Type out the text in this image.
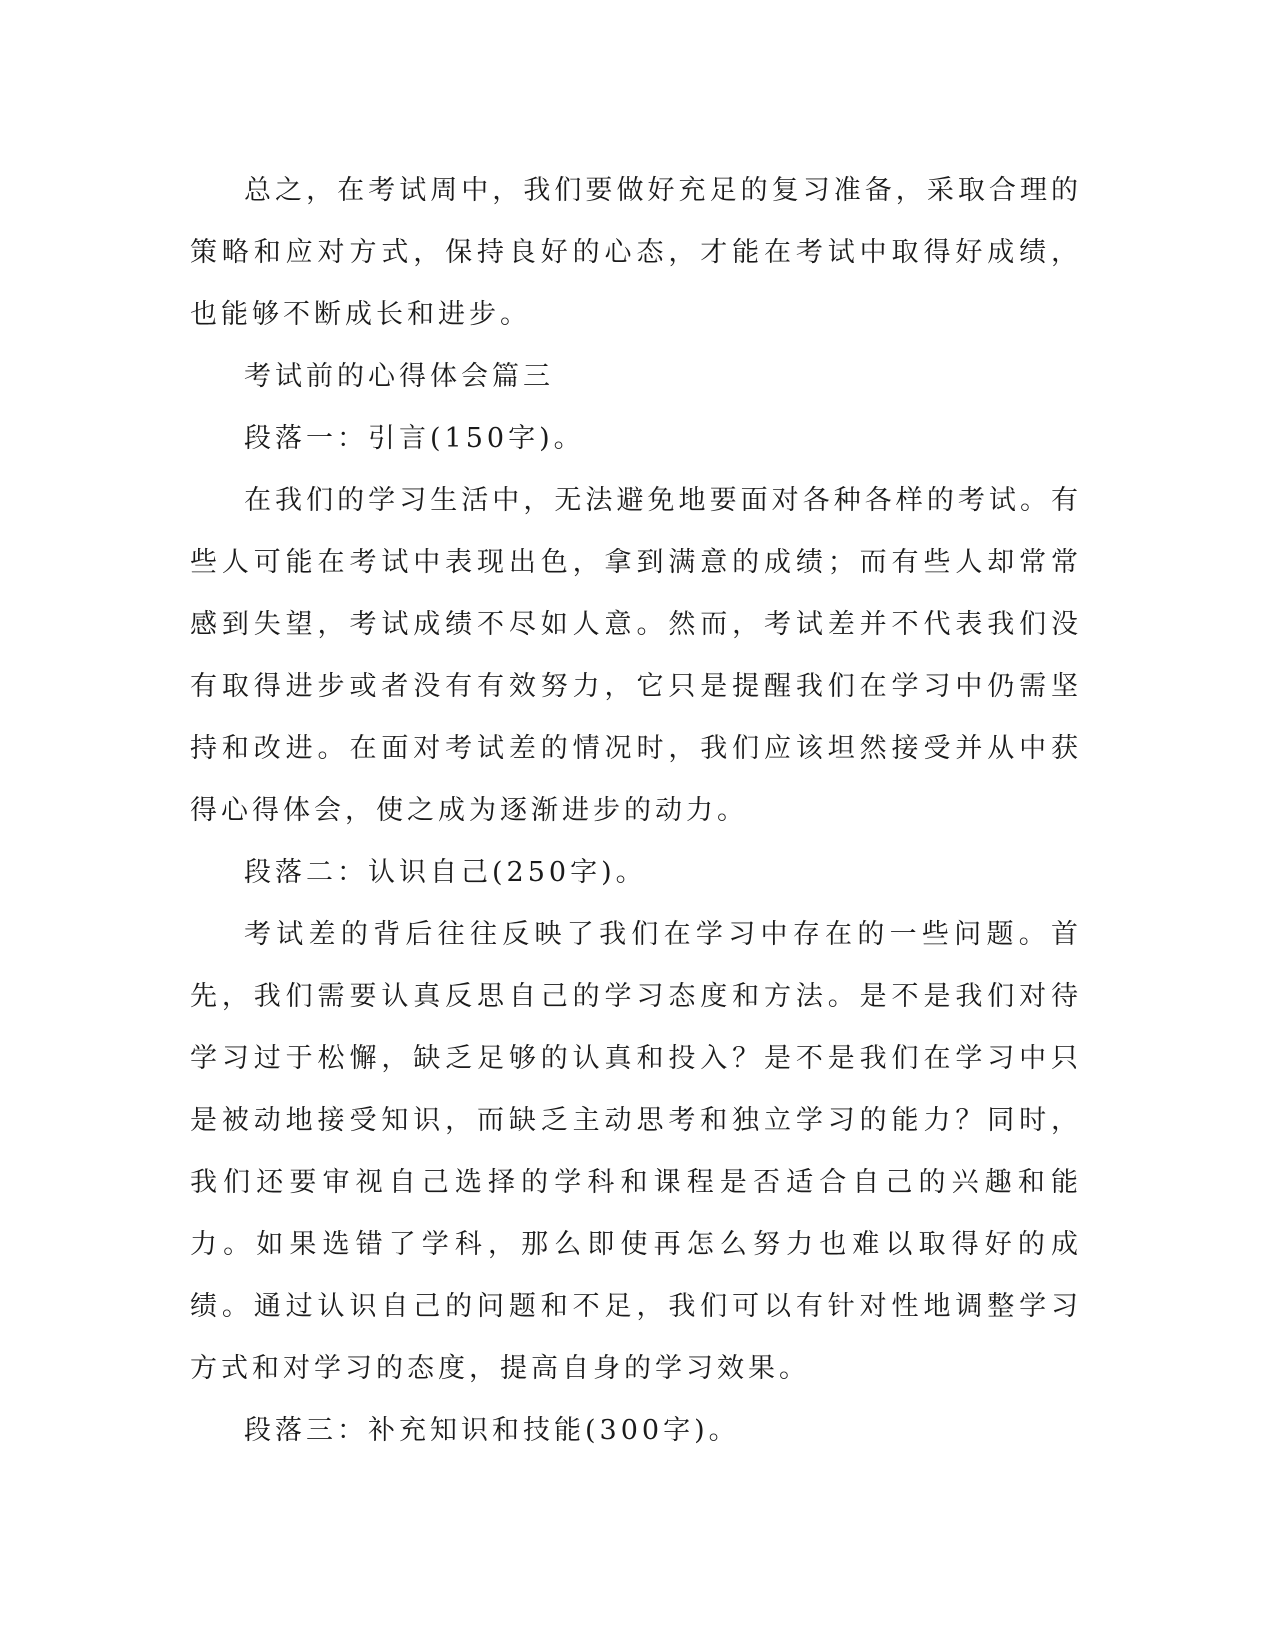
总之，在考试周中，我们要做好充足的复习准备，采取合理的策略和应对方式，保持良好的心态，才能在考试中取得好成绩，也能够不断成长和进步。

考试前的心得体会篇三

段落一：引言(150字)。

在我们的学习生活中，无法避免地要面对各种各样的考试。有些人可能在考试中表现出色，拿到满意的成绩；而有些人却常常感到失望，考试成绩不尽如人意。然而，考试差并不代表我们没有取得进步或者没有有效努力，它只是提醒我们在学习中仍需坚持和改进。在面对考试差的情况时，我们应该坦然接受并从中获得心得体会，使之成为逐渐进步的动力。

段落二：认识自己(250字)。

考试差的背后往往反映了我们在学习中存在的一些问题。首先，我们需要认真反思自己的学习态度和方法。是不是我们对待学习过于松懈，缺乏足够的认真和投入？是不是我们在学习中只是被动地接受知识，而缺乏主动思考和独立学习的能力？同时，我们还要审视自己选择的学科和课程是否适合自己的兴趣和能力。如果选错了学科，那么即使再怎么努力也难以取得好的成绩。通过认识自己的问题和不足，我们可以有针对性地调整学习方式和对学习的态度，提高自身的学习效果。

段落三：补充知识和技能(300字)。
